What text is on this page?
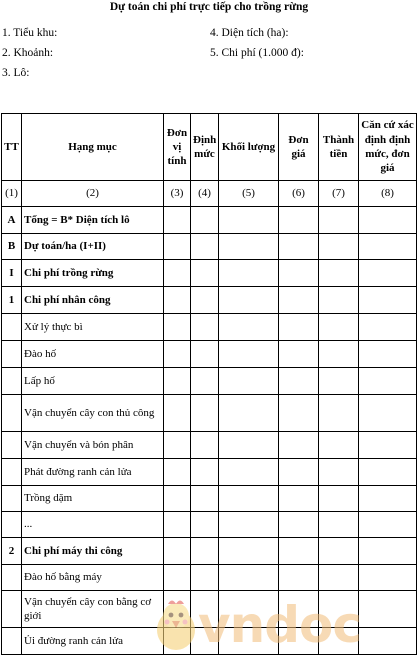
Dự toán chi phí trực tiếp cho trồng rừng
1. Tiểu khu:
2. Khoảnh:
3. Lô:
4. Diện tích (ha):
5. Chi phí (1.000 đ):
TT	Hạng mục	Đơn vị tính	Định mức	Khối lượng	Đơn giá	Thành tiền	Căn cứ xác định định mức, đơn giá
(1)	(2)	(3)	(4)	(5)	(6)	(7)	(8)
A	Tổng = B* Diện tích lô						
B	Dự toán/ha (I+II)						
I	Chi phí trồng rừng						
1	Chi phí nhân công						
	Xử lý thực bì						
	Đào hố						
	Lấp hố						
	Vận chuyển cây con thủ công						
	Vận chuyển và bón phân						
	Phát đường ranh cản lửa						
	Trồng dặm						
	...						
2	Chi phí máy thi công						
	Đào hố bằng máy						
	Vận chuyển cây con bằng cơ giới						
	Ủi đường ranh cản lửa						vndoc
